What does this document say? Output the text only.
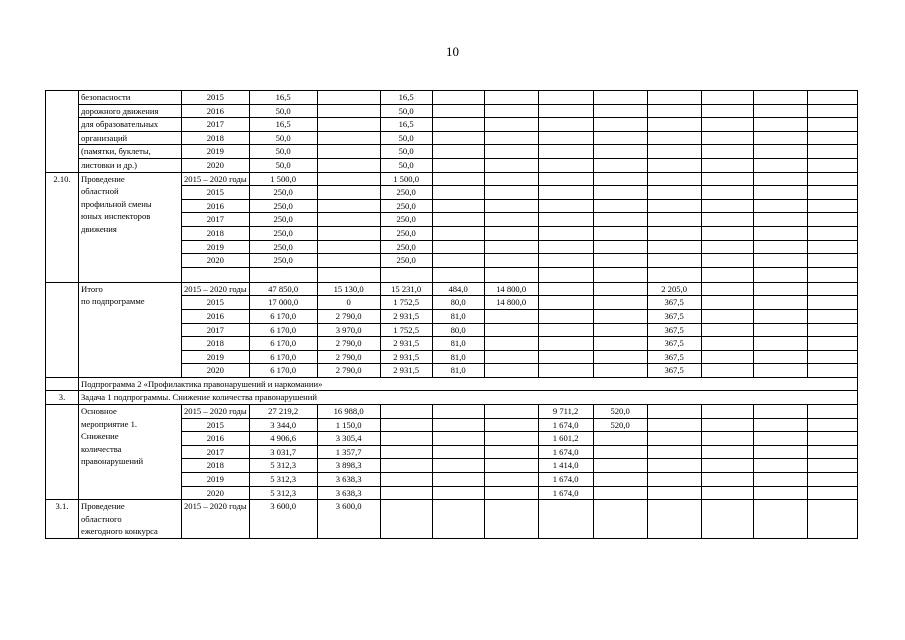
10
	безопасности	2015	16,5		16,5								
	дорожного движения	2016	50,0		50,0								
	для образовательных	2017	16,5		16,5								
	организаций	2018	50,0		50,0								
	(памятки, буклеты,	2019	50,0		50,0								
	листовки и др.)	2020	50,0		50,0								
2.10.	Проведение
областной
профильной смены
юных инспекторов
движения	2015 – 2020 годы	1 500,0		1 500,0								
		2015	250,0		250,0								
		2016	250,0		250,0								
		2017	250,0		250,0								
		2018	250,0		250,0								
		2019	250,0		250,0								
		2020	250,0		250,0								

	Итого
по подпрограмме	2015 – 2020 годы	47 850,0	15 130,0	15 231,0	484,0	14 800,0			2 205,0			
		2015	17 000,0	0	1 752,5	80,0	14 800,0			367,5			
		2016	6 170,0	2 790,0	2 931,5	81,0				367,5			
		2017	6 170,0	3 970,0	1 752,5	80,0				367,5			
		2018	6 170,0	2 790,0	2 931,5	81,0				367,5			
		2019	6 170,0	2 790,0	2 931,5	81,0				367,5			
		2020	6 170,0	2 790,0	2 931,5	81,0				367,5			
	Подпрограмма 2 «Профилактика правонарушений и наркомании»												
3.	Задача 1 подпрограммы. Снижение количества правонарушений												

	Основное
мероприятие 1.
Снижение
количества
правонарушений	2015 – 2020 годы	27 219,2	16 988,0				9 711,2	520,0				
		2015	3 344,0	1 150,0				1 674,0	520,0				
		2016	4 906,6	3 305,4				1 601,2					
		2017	3 031,7	1 357,7				1 674,0					
		2018	5 312,3	3 898,3				1 414,0					
		2019	5 312,3	3 638,3				1 674,0					
		2020	5 312,3	3 638,3				1 674,0					
3.1.	Проведение
областного
ежегодного конкурса	2015 – 2020 годы	3 600,0	3 600,0									
